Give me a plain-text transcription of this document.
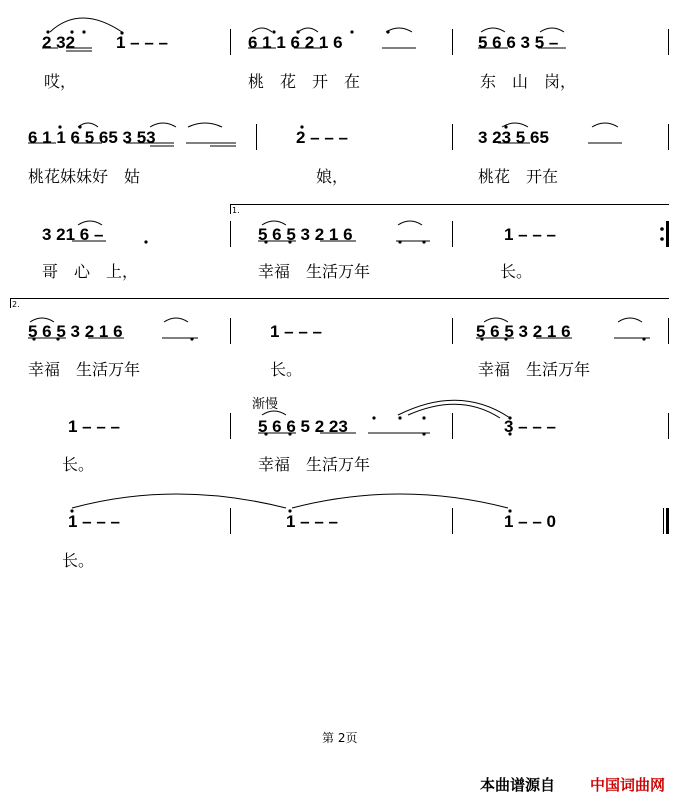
2 32 1 – – –	6 1 1 6 2 1 6	5 6 6 3 5 –
哎，	桃　花　开　在	东　山　岗，
6 1 1 6 5 65 3 53	2 – – –	3 23 5 65
桃花妹妹好　姑	娘，	桃花　开在
1.
3 21 6 –	5 6 5 3 2 1 6	1 – – –
哥　心　上，	幸福　生活万年	长。
2.
5 6 5 3 2 1 6	1 – – –	5 6 5 3 2 1 6
幸福　生活万年	长。	幸福　生活万年
渐慢
1 – – –	5 6 6 5 2 23	3 – – –
长。	幸福　生活万年
1 – – –	1 – – –	1 – – 0
长。
第 2页
本曲谱源自 中国词曲网
